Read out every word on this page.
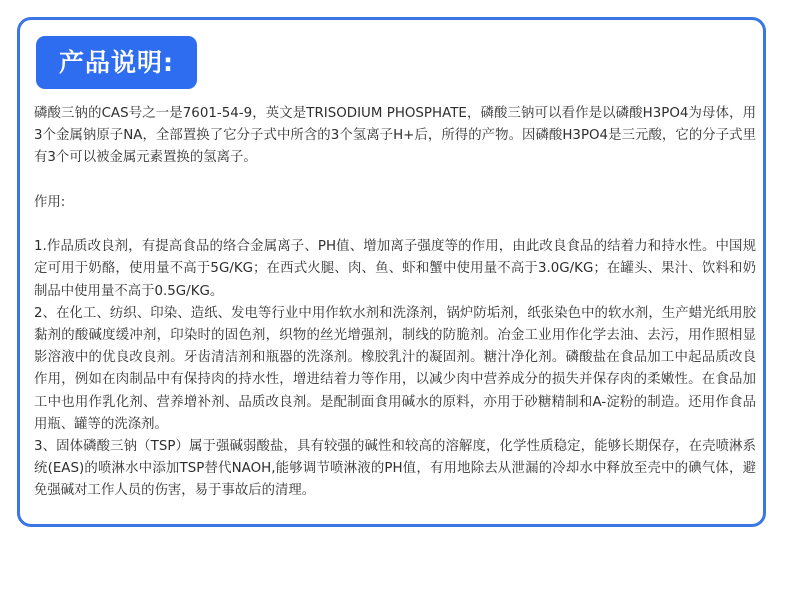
产品说明:

磷酸三钠的CAS号之一是7601-54-9，英文是TRISODIUM PHOSPHATE，磷酸三钠可以看作是以磷酸H3PO4为母体，用3个金属钠原子NA，全部置换了它分子式中所含的3个氢离子H+后，所得的产物。因磷酸H3PO4是三元酸，它的分子式里有3个可以被金属元素置换的氢离子。

作用:

1.作品质改良剂，有提高食品的络合金属离子、PH值、增加离子强度等的作用，由此改良食品的结着力和持水性。中国规定可用于奶酪，使用量不高于5G/KG；在西式火腿、肉、鱼、虾和蟹中使用量不高于3.0G/KG；在罐头、果汁、饮料和奶制品中使用量不高于0.5G/KG。

2、在化工、纺织、印染、造纸、发电等行业中用作软水剂和洗涤剂，锅炉防垢剂，纸张染色中的软水剂，生产蜡光纸用胶黏剂的酸碱度缓冲剂，印染时的固色剂，织物的丝光增强剂，制线的防脆剂。冶金工业用作化学去油、去污，用作照相显影溶液中的优良改良剂。牙齿清洁剂和瓶器的洗涤剂。橡胶乳汁的凝固剂。糖汁净化剂。磷酸盐在食品加工中起品质改良作用，例如在肉制品中有保持肉的持水性，增进结着力等作用，以减少肉中营养成分的损失并保存肉的柔嫩性。在食品加工中也用作乳化剂、营养增补剂、品质改良剂。是配制面食用碱水的原料，亦用于砂糖精制和A-淀粉的制造。还用作食品用瓶、罐等的洗涤剂。

3、固体磷酸三钠（TSP）属于强碱弱酸盐，具有较强的碱性和较高的溶解度，化学性质稳定，能够长期保存，在壳喷淋系统(EAS)的喷淋水中添加TSP替代NAOH,能够调节喷淋液的PH值，有用地除去从泄漏的冷却水中释放至壳中的碘气体，避免强碱对工作人员的伤害，易于事故后的清理。
